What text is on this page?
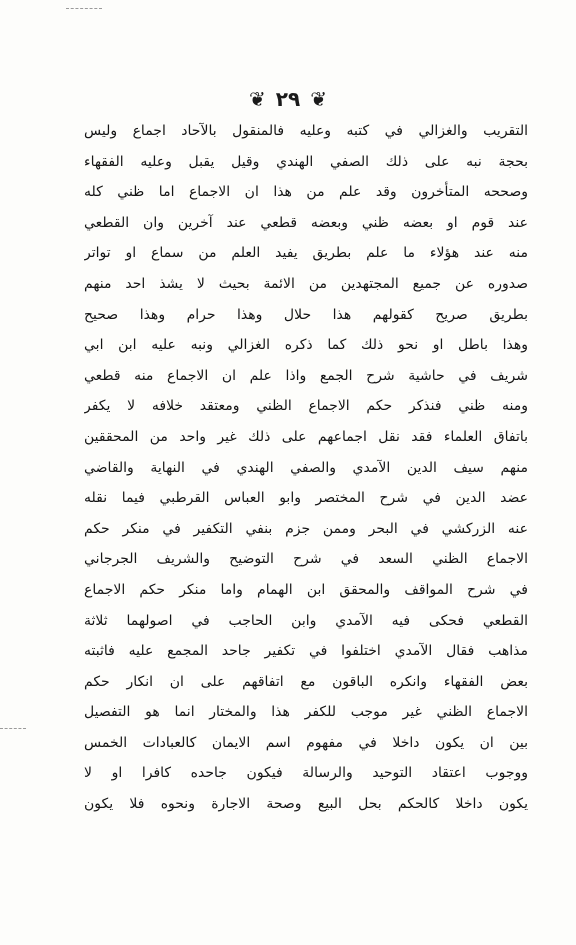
❦ ٢٩ ❦
التقريب والغزالي في كتبه وعليه فالمنقول بالآحاد اجماع وليس
بحجة نبه على ذلك الصفي الهندي وقيل يقبل وعليه الفقهاء
وصححه المتأخرون وقد علم من هذا ان الاجماع اما ظني كله
عند قوم او بعضه ظني وبعضه قطعي عند آخرين وان القطعي
منه عند هؤلاء ما علم بطريق يفيد العلم من سماع او تواتر
صدوره عن جميع المجتهدين من الائمة بحيث لا يشذ احد منهم
بطريق صريح كقولهم هذا حلال وهذا حرام وهذا صحيح
وهذا باطل او نحو ذلك كما ذكره الغزالي ونبه عليه ابن ابي
شريف في حاشية شرح الجمع واذا علم ان الاجماع منه قطعي
ومنه ظني فنذكر حكم الاجماع الظني ومعتقد خلافه لا يكفر
باتفاق العلماء فقد نقل اجماعهم على ذلك غير واحد من المحققين
منهم سيف الدين الآمدي والصفي الهندي في النهاية والقاضي
عضد الدين في شرح المختصر وابو العباس القرطبي فيما نقله
عنه الزركشي في البحر وممن جزم بنفي التكفير في منكر حكم
الاجماع الظني السعد في شرح التوضيح والشريف الجرجاني
في شرح المواقف والمحقق ابن الهمام واما منكر حكم الاجماع
القطعي فحكى فيه الآمدي وابن الحاجب في اصولهما ثلاثة
مذاهب فقال الآمدي اختلفوا في تكفير جاحد المجمع عليه فاثبته
بعض الفقهاء وانكره الباقون مع اتفاقهم على ان انكار حكم
الاجماع الظني غير موجب للكفر هذا والمختار انما هو التفصيل
بين ان يكون داخلا في مفهوم اسم الايمان كالعبادات الخمس
ووجوب اعتقاد التوحيد والرسالة فيكون جاحده كافرا او لا
يكون داخلا كالحكم بحل البيع وصحة الاجارة ونحوه فلا يكون
